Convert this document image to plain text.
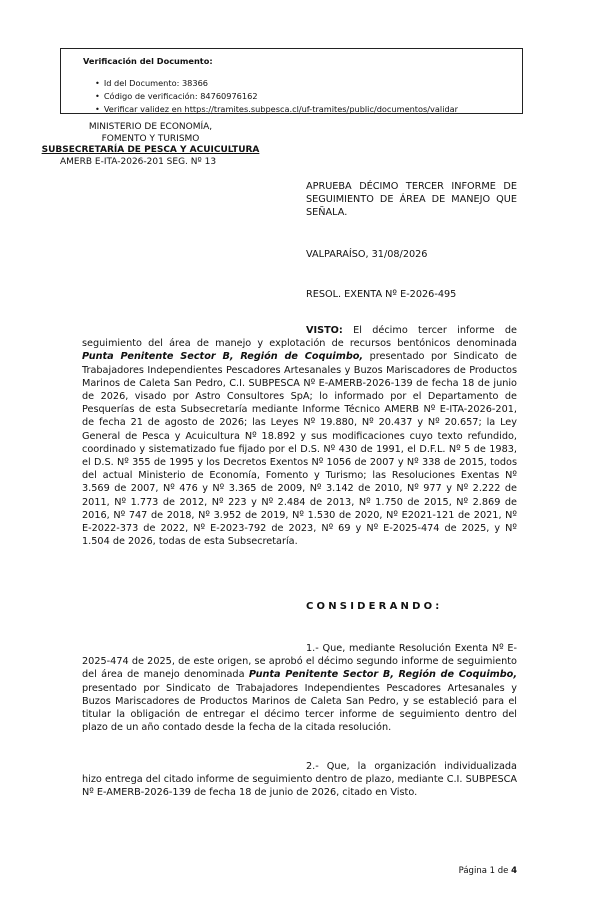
Verificación del Documento:
• Id del Documento: 38366
• Código de verificación: 84760976162
• Verificar validez en https://tramites.subpesca.cl/uf-tramites/public/documentos/validar
MINISTERIO DE ECONOMÍA,
FOMENTO Y TURISMO
SUBSECRETARÍA DE PESCA Y ACUICULTURA
AMERB E-ITA-2026-201 SEG. Nº 13
APRUEBA DÉCIMO TERCER INFORME DE SEGUIMIENTO DE ÁREA DE MANEJO QUE SEÑALA.
VALPARAÍSO, 31/08/2026
RESOL. EXENTA Nº E-2026-495
VISTO: El décimo tercer informe de seguimiento del área de manejo y explotación de recursos bentónicos denominada Punta Penitente Sector B, Región de Coquimbo, presentado por Sindicato de Trabajadores Independientes Pescadores Artesanales y Buzos Mariscadores de Productos Marinos de Caleta San Pedro, C.I. SUBPESCA Nº E-AMERB-2026-139 de fecha 18 de junio de 2026, visado por Astro Consultores SpA; lo informado por el Departamento de Pesquerías de esta Subsecretaría mediante Informe Técnico AMERB Nº E-ITA-2026-201, de fecha 21 de agosto de 2026; las Leyes Nº 19.880, Nº 20.437 y Nº 20.657; la Ley General de Pesca y Acuicultura Nº 18.892 y sus modificaciones cuyo texto refundido, coordinado y sistematizado fue fijado por el D.S. Nº 430 de 1991, el D.F.L. Nº 5 de 1983, el D.S. Nº 355 de 1995 y los Decretos Exentos Nº 1056 de 2007 y Nº 338 de 2015, todos del actual Ministerio de Economía, Fomento y Turismo; las Resoluciones Exentas Nº 3.569 de 2007, Nº 476 y Nº 3.365 de 2009, Nº 3.142 de 2010, Nº 977 y Nº 2.222 de 2011, Nº 1.773 de 2012, Nº 223 y Nº 2.484 de 2013, Nº 1.750 de 2015, Nº 2.869 de 2016, Nº 747 de 2018, Nº 3.952 de 2019, Nº 1.530 de 2020, Nº E2021-121 de 2021, Nº E-2022-373 de 2022, Nº E-2023-792 de 2023, Nº 69 y Nº E-2025-474 de 2025, y Nº 1.504 de 2026, todas de esta Subsecretaría.
CONSIDERANDO:
1.- Que, mediante Resolución Exenta Nº E-2025-474 de 2025, de este origen, se aprobó el décimo segundo informe de seguimiento del área de manejo denominada Punta Penitente Sector B, Región de Coquimbo, presentado por Sindicato de Trabajadores Independientes Pescadores Artesanales y Buzos Mariscadores de Productos Marinos de Caleta San Pedro, y se estableció para el titular la obligación de entregar el décimo tercer informe de seguimiento dentro del plazo de un año contado desde la fecha de la citada resolución.
2.- Que, la organización individualizada hizo entrega del citado informe de seguimiento dentro de plazo, mediante C.I. SUBPESCA Nº E-AMERB-2026-139 de fecha 18 de junio de 2026, citado en Visto.
Página 1 de 4
